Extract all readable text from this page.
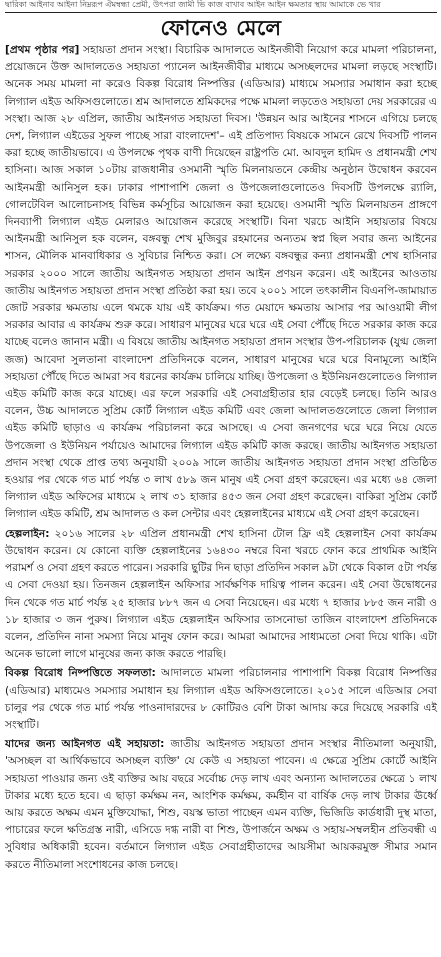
দ্বারিকা আইনাব আইনা নিম্নরূপ ঐমম্বন্ধা প্রেমী, উৎপরা জামী ভি কাজ বাখাব আইন আইন ক্ষমতার স্থায় আমাকে ভে খার
ফোনেও মেলে

[প্রথম পৃষ্ঠার পর] সহায়তা প্রদান সংস্থা। বিচারিক আদালতে আইনজীবী নিয়োগ করে মামলা পরিচালনা, প্রয়োজনে উক্ত আদালতেও সহায়তা প্যানেল আইনজীবীর মাধ্যমে অসচ্ছলদের মামলা লড়ছে সংস্থাটি। অনেক সময় মামলা না করেও বিকল্প বিরোধ নিষ্পত্তির (এডিআর) মাধ্যমে সমস্যার সমাধান করা হচ্ছে লিগ্যাল এইড অফিসগুলোতে। শ্রম আদালতে শ্রমিকদের পক্ষে মামলা লড়তেও সহায়তা দেয় সরকারের এ সংস্থা। আজ ২৮ এপ্রিল, জাতীয় আইনগত সহায়তা দিবস। 'উন্নয়ন আর আইনের শাসনে এগিয়ে চলছে দেশ, লিগ্যাল এইডের সুফল পাচ্ছে সারা বাংলাদেশ'– এই প্রতিপাদ্য বিষয়কে সামনে রেখে দিবসটি পালন করা হচ্ছে জাতীয়ভাবে। এ উপলক্ষে পৃথক বাণী দিয়েছেন রাষ্ট্রপতি মো. আবদুল হামিদ ও প্রধানমন্ত্রী শেখ হাসিনা। আজ সকাল ১০টায় রাজধানীর ওসমানী স্মৃতি মিলনায়তনে কেন্দ্রীয় অনুষ্ঠান উদ্বোধন করবেন আইনমন্ত্রী আনিসুল হক। ঢাকার পাশাপাশি জেলা ও উপজেলাগুলোতেও দিবসটি উপলক্ষে র‍্যালি, গোলটেবিল আলোচনাসহ বিভিন্ন কর্মসূচির আয়োজন করা হয়েছে। ওসমানী স্মৃতি মিলনায়তন প্রাঙ্গণে দিনব্যাপী লিগ্যাল এইড মেলারও আয়োজন করেছে সংস্থাটি। বিনা খরচে আইনি সহায়তার বিষয়ে আইনমন্ত্রী আনিসুল হক বলেন, বঙ্গবন্ধু শেখ মুজিবুর রহমানের অন্যতম স্বপ্ন ছিল সবার জন্য আইনের শাসন, মৌলিক মানবাধিকার ও সুবিচার নিশ্চিত করা। সে লক্ষ্যে বঙ্গবন্ধুর কন্যা প্রধানমন্ত্রী শেখ হাসিনার সরকার ২০০০ সালে জাতীয় আইনগত সহায়তা প্রদান আইন প্রণয়ন করেন। এই আইনের আওতায় জাতীয় আইনগত সহায়তা প্রদান সংস্থা প্রতিষ্ঠা করা হয়। তবে ২০০১ সালে তৎকালীন বিএনপি-জামায়াত জোট সরকার ক্ষমতায় এলে থমকে যায় এই কার্যক্রম। গত মেয়াদে ক্ষমতায় আসার পর আওয়ামী লীগ সরকার আবার এ কার্যক্রম শুরু করে। সাধারণ মানুষের ঘরে ঘরে এই সেবা পৌঁছে দিতে সরকার কাজ করে যাচ্ছে বলেও জানান মন্ত্রী। এ বিষয়ে জাতীয় আইনগত সহায়তা প্রদান সংস্থার উপ-পরিচালক (যুগ্ম জেলা জজ) আবেদা সুলতানা বাংলাদেশ প্রতিদিনকে বলেন, সাধারণ মানুষের ঘরে ঘরে বিনামূল্যে আইনি সহায়তা পৌঁছে দিতে আমরা সব ধরনের কার্যক্রম চালিয়ে যাচ্ছি। উপজেলা ও ইউনিয়নগুলোতেও লিগ্যাল এইড কমিটি কাজ করে যাচ্ছে। এর ফলে সরকারি এই সেবাগ্রহীতার হার বেড়েই চলছে। তিনি আরও বলেন, উচ্চ আদালতে সুপ্রিম কোর্ট লিগ্যাল এইড কমিটি এবং জেলা আদালতগুলোতে জেলা লিগ্যাল এইড কমিটি ছাড়াও এ কার্যক্রম পরিচালনা করে আসছে। এ সেবা জনগণের ঘরে ঘরে নিয়ে যেতে উপজেলা ও ইউনিয়ন পর্যায়েও আমাদের লিগ্যাল এইড কমিটি কাজ করছে। জাতীয় আইনগত সহায়তা প্রদান সংস্থা থেকে প্রাপ্ত তথ্য অনুযায়ী ২০০৯ সালে জাতীয় আইনগত সহায়তা প্রদান সংস্থা প্রতিষ্ঠিত হওয়ার পর থেকে গত মার্চ পর্যন্ত ৩ লাখ ৫৮৯ জন মানুষ এই সেবা গ্রহণ করেছেন। এর মধ্যে ৬৪ জেলা লিগ্যাল এইড অফিসের মাধ্যমে ২ লাখ ৩১ হাজার ৪৫৩ জন সেবা গ্রহণ করেছেন। বাকিরা সুপ্রিম কোর্ট লিগ্যাল এইড কমিটি, শ্রম আদালত ও কল সেন্টার এবং হেল্পলাইনের মাধ্যমে এই সেবা গ্রহণ করেছেন।

হেল্পলাইন: ২০১৬ সালের ২৮ এপ্রিল প্রধানমন্ত্রী শেখ হাসিনা টোল ফ্রি এই হেল্পলাইন সেবা কার্যক্রম উদ্বোধন করেন। যে কোনো ব্যক্তি হেল্পলাইনের ১৬৪৩০ নম্বরে বিনা খরচে ফোন করে প্রাথমিক আইনি পরামর্শ ও সেবা গ্রহণ করতে পারেন। সরকারি ছুটির দিন ছাড়া প্রতিদিন সকাল ৯টা থেকে বিকাল ৫টা পর্যন্ত এ সেবা দেওয়া হয়। তিনজন হেল্পলাইন অফিসার সার্বক্ষণিক দায়িত্ব পালন করেন। এই সেবা উদ্বোধনের দিন থেকে গত মার্চ পর্যন্ত ২৫ হাজার ৮৮৭ জন এ সেবা নিয়েছেন। এর মধ্যে ৭ হাজার ৮৮৫ জন নারী ও ১৮ হাজার ৩ জন পুরুষ। লিগ্যাল এইড হেল্পলাইন অফিসার তাসনোভা তাজিন বাংলাদেশ প্রতিদিনকে বলেন, প্রতিদিন নানা সমস্যা নিয়ে মানুষ ফোন করে। আমরা আমাদের সাধ্যমতো সেবা দিয়ে থাকি। এটা অনেক ভালো লাগে মানুষের জন্য কাজ করতে পারছি।

বিকল্প বিরোধ নিষ্পত্তিতে সফলতা: আদালতে মামলা পরিচালনার পাশাপাশি বিকল্প বিরোধ নিষ্পত্তির (এডিআর) মাধ্যমেও সমস্যার সমাধান হয় লিগ্যাল এইড অফিসগুলোতে। ২০১৫ সালে এডিআর সেবা চালুর পর থেকে গত মার্চ পর্যন্ত পাওনাদারদের ৮ কোটিরও বেশি টাকা আদায় করে দিয়েছে সরকারি এই সংস্থাটি।

যাদের জন্য আইনগত এই সহায়তা: জাতীয় আইনগত সহায়তা প্রদান সংস্থার নীতিমালা অনুযায়ী, 'অসচ্ছল বা আর্থিকভাবে অসচ্ছল ব্যক্তি' যে কেউ এ সহায়তা পাবেন। এ ক্ষেত্রে সুপ্রিম কোর্টে আইনি সহায়তা পাওয়ার জন্য ওই ব্যক্তির আয় বছরে সর্বোচ্চ দেড় লাখ এবং অন্যান্য আদালতের ক্ষেত্রে ১ লাখ টাকার মধ্যে হতে হবে। এ ছাড়া কর্মক্ষম নন, আংশিক কর্মক্ষম, কর্মহীন বা বার্ষিক দেড় লাখ টাকার ঊর্ধ্বে আয় করতে অক্ষম এমন মুক্তিযোদ্ধা, শিশু, বয়স্ক ভাতা পাচ্ছেন এমন ব্যক্তি, ভিজিডি কার্ডধারী দুস্থ মাতা, পাচারের ফলে ক্ষতিগ্রস্ত নারী, এসিডে দগ্ধ নারী বা শিশু, উপার্জনে অক্ষম ও সহায়-সম্বলহীন প্রতিবন্ধী এ সুবিধার অধিকারী হবেন। বর্তমানে লিগ্যাল এইড সেবাগ্রহীতাদের আয়সীমা আয়করমুক্ত সীমার সমান করতে নীতিমালা সংশোধনের কাজ চলছে।
